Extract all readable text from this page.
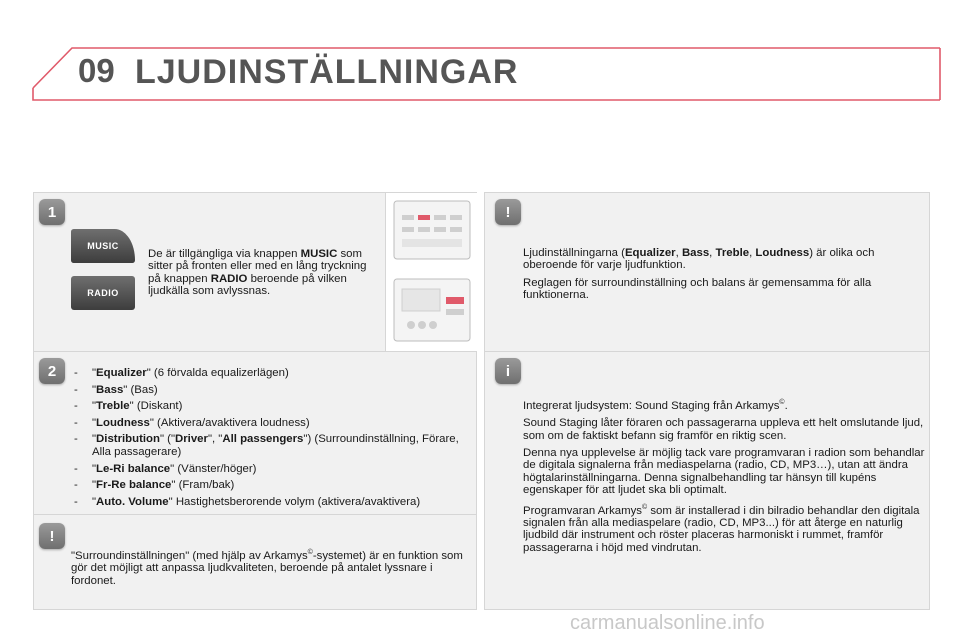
09 LJUDINSTÄLLNINGAR
1
MUSIC
RADIO
De är tillgängliga via knappen MUSIC som sitter på fronten eller med en lång tryckning på knappen RADIO beroende på vilken ljudkälla som avlyssnas.
2	-	"Equalizer" (6 förvalda equalizerlägen)
-	"Bass" (Bas)
-	"Treble" (Diskant)
-	"Loudness" (Aktivera/avaktivera loudness)
-	"Distribution" ("Driver", "All passengers") (Surroundinställning, Förare, Alla passagerare)
-	"Le-Ri balance" (Vänster/höger)
-	"Fr-Re balance" (Fram/bak)
-	"Auto. Volume" Hastighetsberorende volym (aktivera/avaktivera)
!
"Surroundinställningen" (med hjälp av Arkamys©-systemet) är en funktion som gör det möjligt att anpassa ljudkvaliteten, beroende på antalet lyssnare i fordonet.
!

Ljudinställningarna (Equalizer, Bass, Treble, Loudness) är olika och oberoende för varje ljudfunktion.

Reglagen för surroundinställning och balans är gemensamma för alla funktionerna.

i

Integrerat ljudsystem: Sound Staging från Arkamys©.

Sound Staging låter föraren och passagerarna uppleva ett helt omslutande ljud, som om de faktiskt befann sig framför en riktig scen.

Denna nya upplevelse är möjlig tack vare programvaran i radion som behandlar de digitala signalerna från mediaspelarna (radio, CD, MP3…), utan att ändra högtalarinställningarna. Denna signalbehandling tar hänsyn till kupéns egenskaper för att ljudet ska bli optimalt.

Programvaran Arkamys© som är installerad i din bilradio behandlar den digitala signalen från alla mediaspelare (radio, CD, MP3...) för att återge en naturlig ljudbild där instrument och röster placeras harmoniskt i rummet, framför passagerarna i höjd med vindrutan.

carmanualsonline.info
